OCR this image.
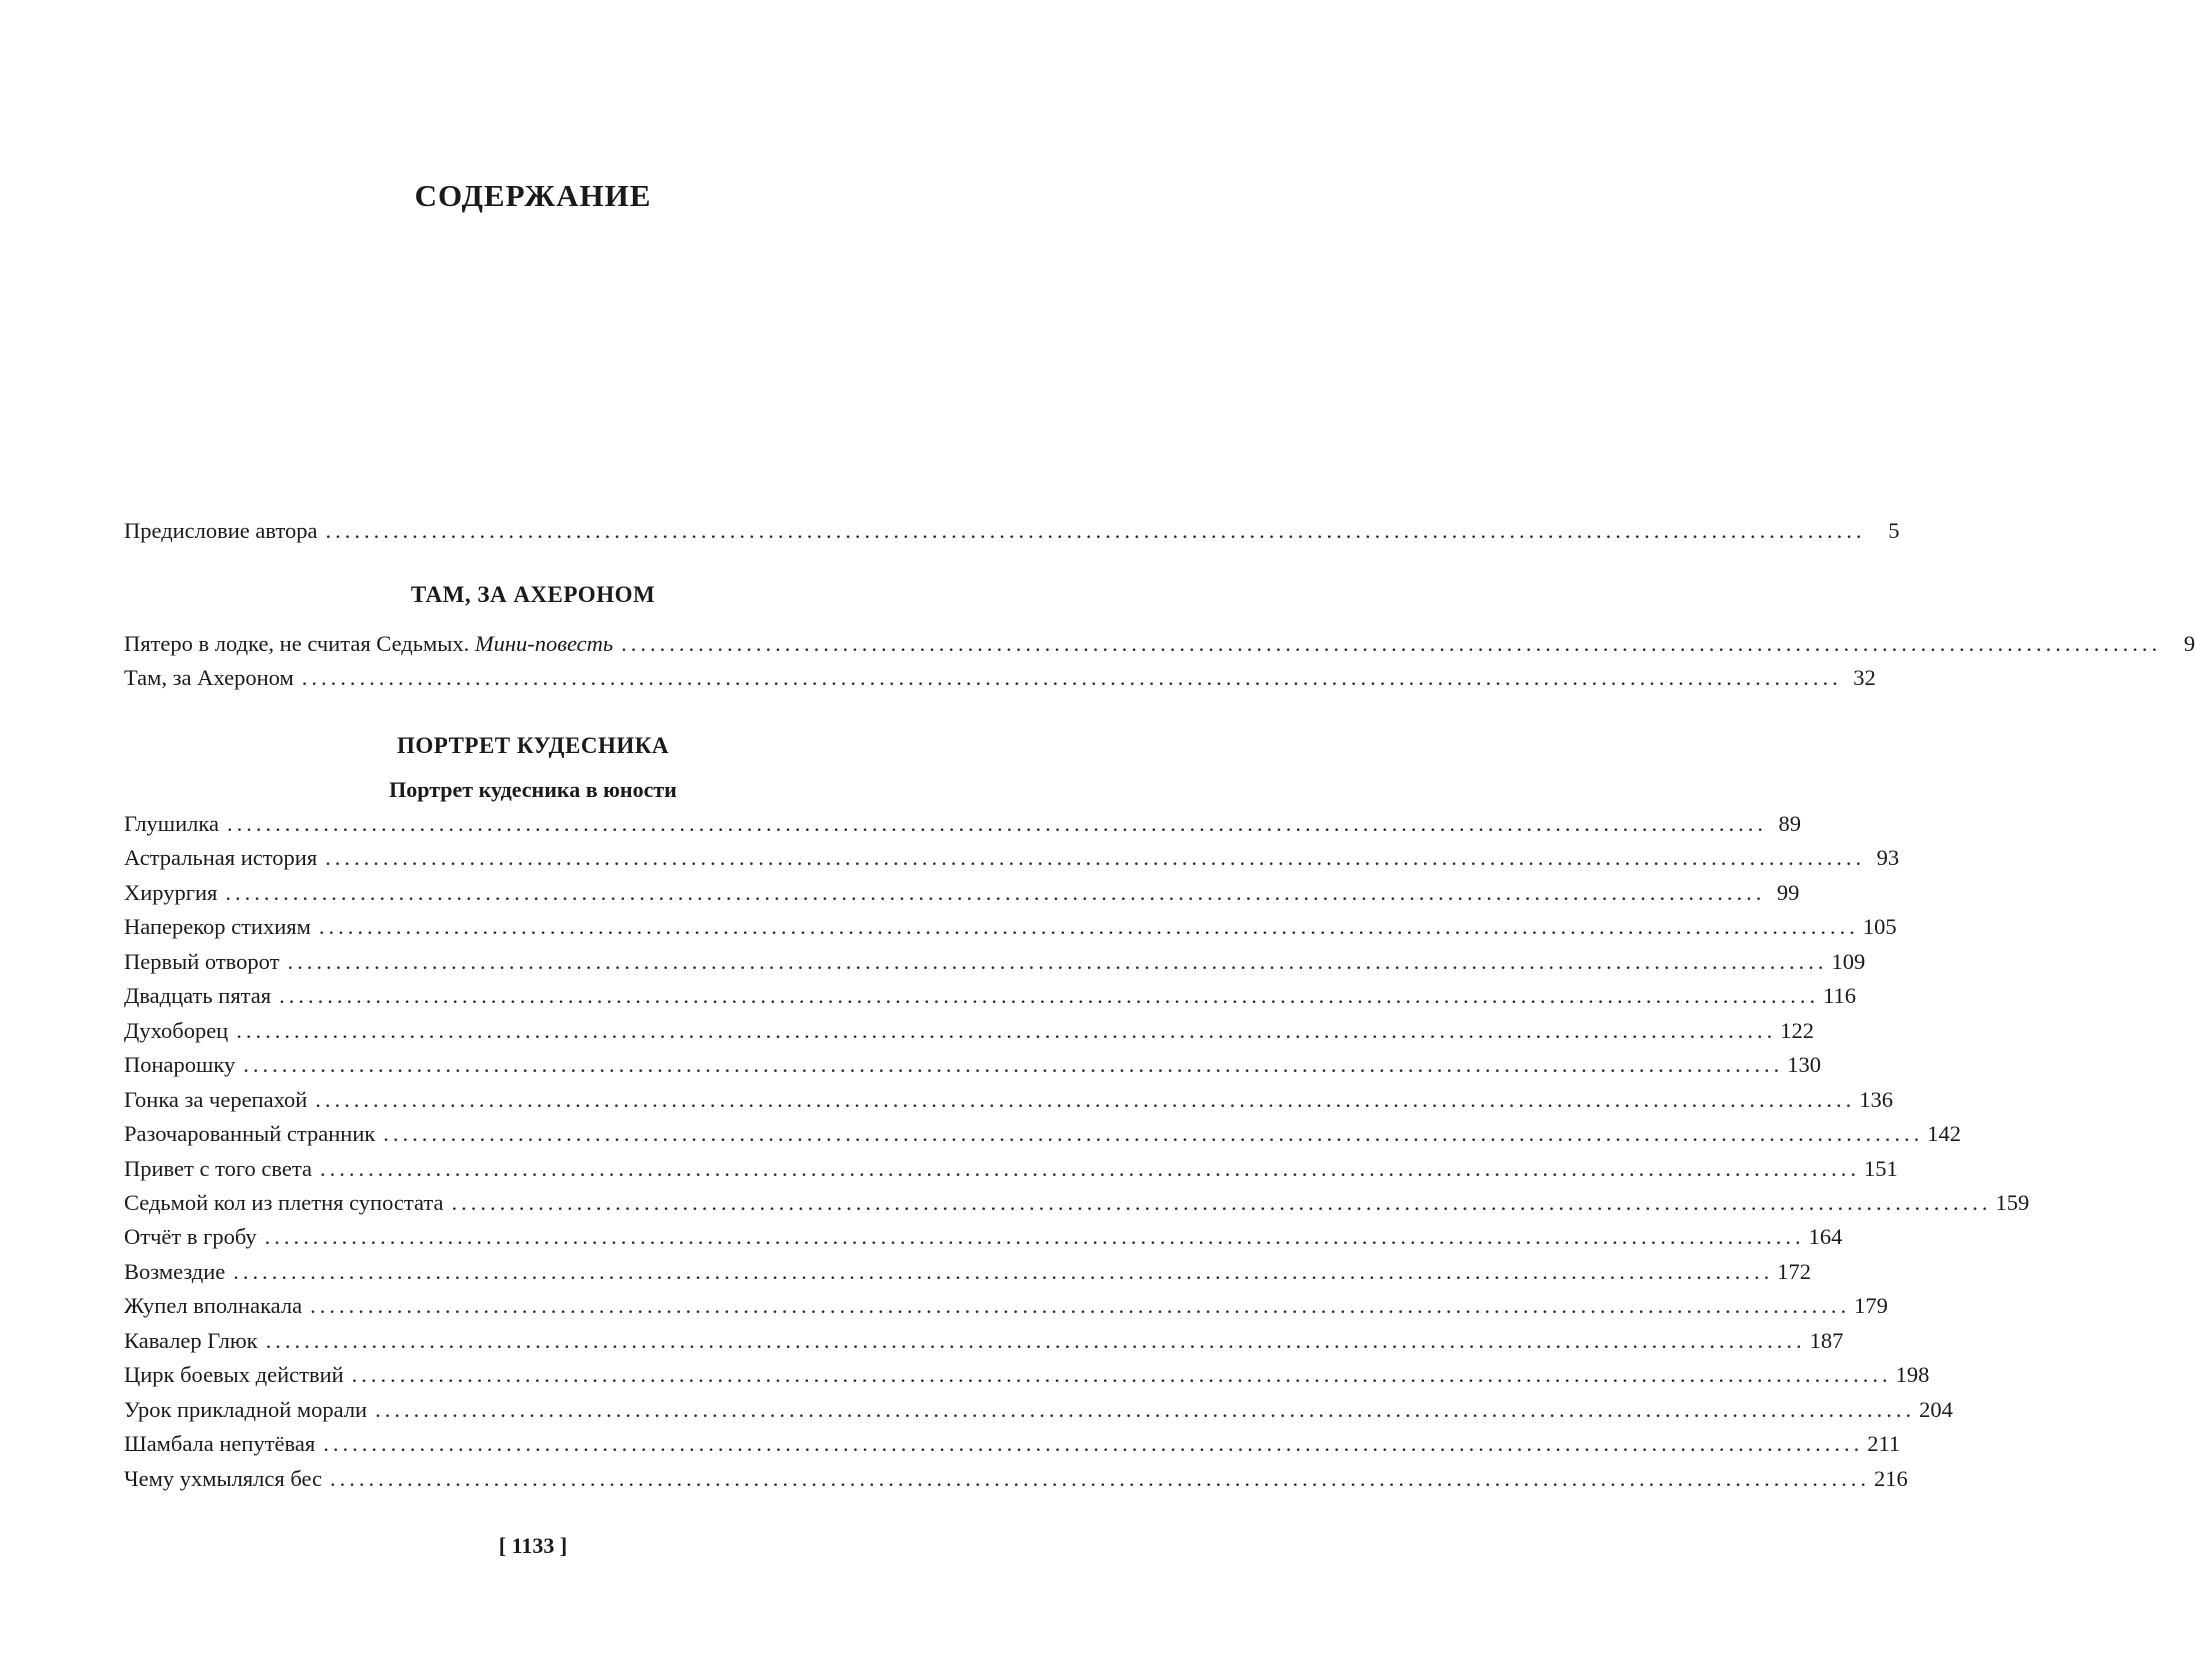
СОДЕРЖАНИЕ
Предисловие автора ................................................................................................................................................................	5
ТАМ, ЗА АХЕРОНОМ
Пятеро в лодке, не считая Седьмых. Мини-повесть ................................................................................................................................................................	9
Там, за Ахероном ................................................................................................................................................................ 32
ПОРТРЕТ КУДЕСНИКА
Портрет кудесника в юности
Глушилка ................................................................................................................................................................ 89
Астральная история ................................................................................................................................................................ 93
Хирургия ................................................................................................................................................................ 99
Наперекор стихиям ................................................................................................................................................................ 105
Первый отворот ................................................................................................................................................................ 109
Двадцать пятая ................................................................................................................................................................ 116
Духоборец ................................................................................................................................................................ 122
Понарошку ................................................................................................................................................................ 130
Гонка за черепахой ................................................................................................................................................................ 136
Разочарованный странник ................................................................................................................................................................ 142
Привет с того света ................................................................................................................................................................ 151
Седьмой кол из плетня супостата ................................................................................................................................................................ 159
Отчёт в гробу ................................................................................................................................................................ 164
Возмездие ................................................................................................................................................................ 172
Жупел вполнакала ................................................................................................................................................................ 179
Кавалер Глюк ................................................................................................................................................................ 187
Цирк боевых действий ................................................................................................................................................................ 198
Урок прикладной морали ................................................................................................................................................................ 204
Шамбала непутёвая ................................................................................................................................................................ 211
Чему ухмылялся бес ................................................................................................................................................................ 216
[ 1133 ]
